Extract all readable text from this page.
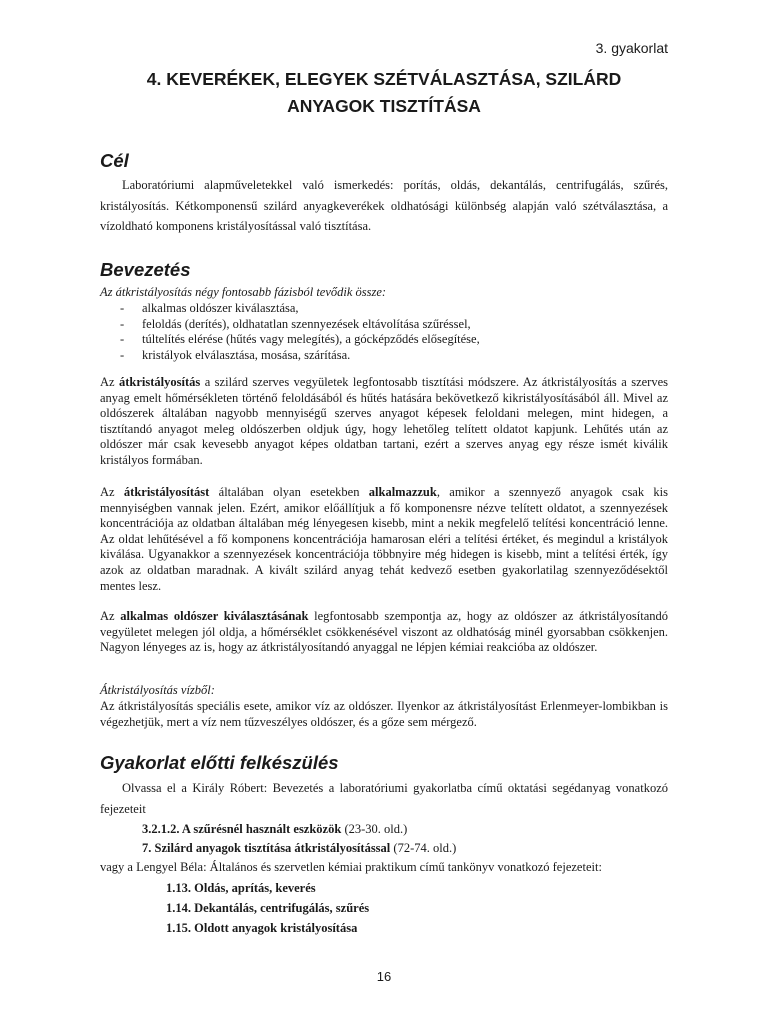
3. gyakorlat
4. KEVERÉKEK, ELEGYEK SZÉTVÁLASZTÁSA, SZILÁRD
ANYAGOK TISZTÍTÁSA
Cél
Laboratóriumi alapműveletekkel való ismerkedés: porítás, oldás, dekantálás, centrifugálás, szűrés, kristályosítás. Kétkomponensű szilárd anyagkeverékek oldhatósági különbség alapján való szétválasztása, a vízoldható komponens kristályosítással való tisztítása.
Bevezetés
Az átkristályosítás négy fontosabb fázisból tevődik össze:
- alkalmas oldószer kiválasztása,
- feloldás (derítés), oldhatatlan szennyezések eltávolítása szűréssel,
- túltelítés elérése (hűtés vagy melegítés), a gócképződés elősegítése,
- kristályok elválasztása, mosása, szárítása.
Az átkristályosítás a szilárd szerves vegyületek legfontosabb tisztítási módszere. Az átkristályosítás a szerves anyag emelt hőmérsékleten történő feloldásából és hűtés hatására bekövetkező kikristályosításából áll. Mivel az oldószerek általában nagyobb mennyiségű szerves anyagot képesek feloldani melegen, mint hidegen, a tisztítandó anyagot meleg oldószerben oldjuk úgy, hogy lehetőleg telített oldatot kapjunk. Lehűtés után az oldószer már csak kevesebb anyagot képes oldatban tartani, ezért a szerves anyag egy része ismét kiválik kristályos formában.
Az átkristályosítást általában olyan esetekben alkalmazzuk, amikor a szennyező anyagok csak kis mennyiségben vannak jelen. Ezért, amikor előállítjuk a fő komponensre nézve telített oldatot, a szennyezések koncentrációja az oldatban általában még lényegesen kisebb, mint a nekik megfelelő telítési koncentráció lenne. Az oldat lehűtésével a fő komponens koncentrációja hamarosan eléri a telítési értéket, és megindul a kristályok kiválása. Ugyanakkor a szennyezések koncentrációja többnyire még hidegen is kisebb, mint a telítési érték, így azok az oldatban maradnak. A kivált szilárd anyag tehát kedvező esetben gyakorlatilag szennyeződésektől mentes lesz.
Az alkalmas oldószer kiválasztásának legfontosabb szempontja az, hogy az oldószer az átkristályosítandó vegyületet melegen jól oldja, a hőmérséklet csökkenésével viszont az oldhatóság minél gyorsabban csökkenjen. Nagyon lényeges az is, hogy az átkristályosítandó anyaggal ne lépjen kémiai reakcióba az oldószer.
Átkristályosítás vízből:
Az átkristályosítás speciális esete, amikor víz az oldószer. Ilyenkor az átkristályosítást Erlenmeyer-lombikban is végezhetjük, mert a víz nem tűzveszélyes oldószer, és a gőze sem mérgező.
Gyakorlat előtti felkészülés
Olvassa el a Király Róbert: Bevezetés a laboratóriumi gyakorlatba című oktatási segédanyag vonatkozó fejezeteit
3.2.1.2. A szűrésnél használt eszközök (23-30. old.)
7. Szilárd anyagok tisztítása átkristályosítással (72-74. old.)
vagy a Lengyel Béla: Általános és szervetlen kémiai praktikum című tankönyv vonatkozó fejezeteit:
1.13. Oldás, aprítás, keverés
1.14. Dekantálás, centrifugálás, szűrés
1.15. Oldott anyagok kristályosítása
16
